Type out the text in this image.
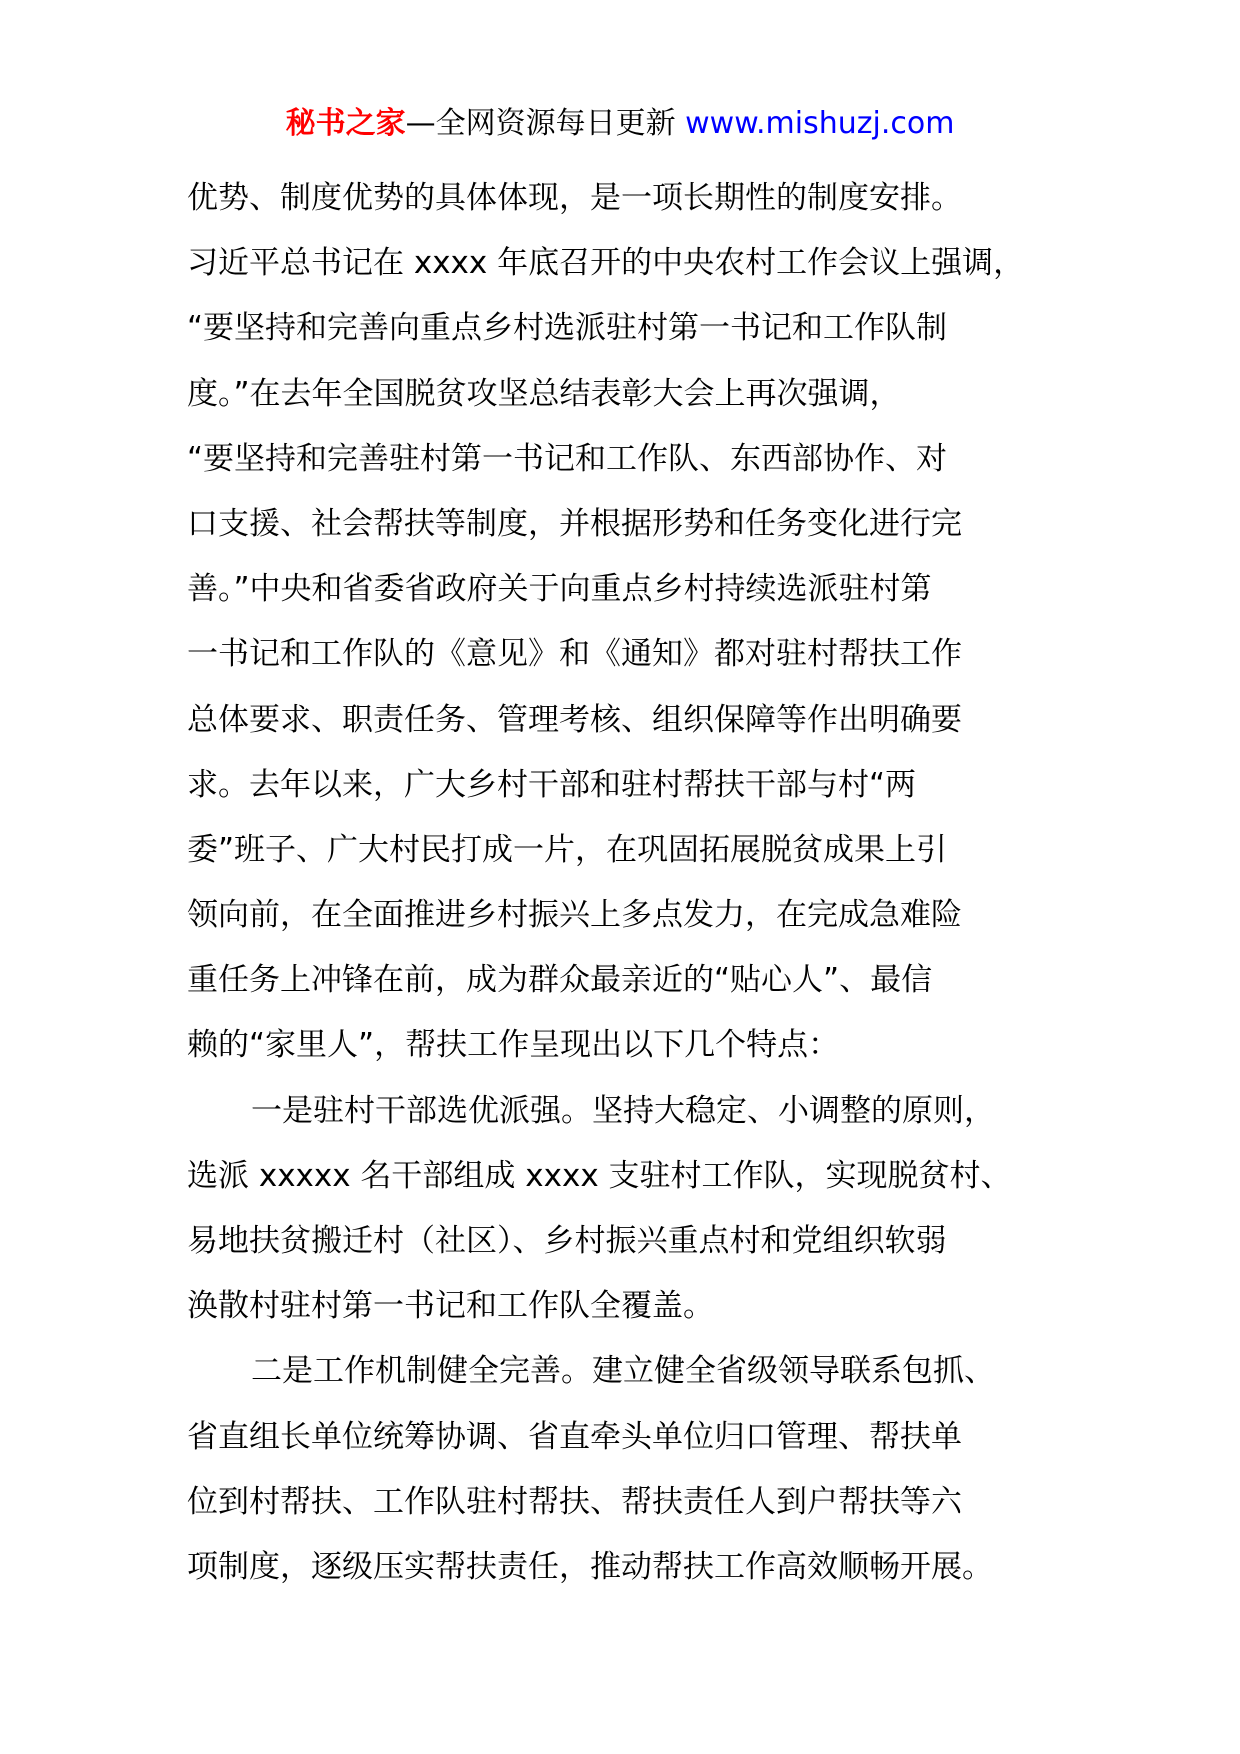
秘书之家—全网资源每日更新 www.mishuzj.com
优势、制度优势的具体体现，是一项长期性的制度安排。
习近平总书记在 xxxx 年底召开的中央农村工作会议上强调，
“要坚持和完善向重点乡村选派驻村第一书记和工作队制
度。”在去年全国脱贫攻坚总结表彰大会上再次强调，
“要坚持和完善驻村第一书记和工作队、东西部协作、对
口支援、社会帮扶等制度，并根据形势和任务变化进行完
善。”中央和省委省政府关于向重点乡村持续选派驻村第
一书记和工作队的《意见》和《通知》都对驻村帮扶工作
总体要求、职责任务、管理考核、组织保障等作出明确要
求。去年以来，广大乡村干部和驻村帮扶干部与村“两
委”班子、广大村民打成一片，在巩固拓展脱贫成果上引
领向前，在全面推进乡村振兴上多点发力，在完成急难险
重任务上冲锋在前，成为群众最亲近的“贴心人”、最信
赖的“家里人”，帮扶工作呈现出以下几个特点：
一是驻村干部选优派强。坚持大稳定、小调整的原则，
选派 xxxxx 名干部组成 xxxx 支驻村工作队，实现脱贫村、
易地扶贫搬迁村（社区）、乡村振兴重点村和党组织软弱
涣散村驻村第一书记和工作队全覆盖。
二是工作机制健全完善。建立健全省级领导联系包抓、
省直组长单位统筹协调、省直牵头单位归口管理、帮扶单
位到村帮扶、工作队驻村帮扶、帮扶责任人到户帮扶等六
项制度，逐级压实帮扶责任，推动帮扶工作高效顺畅开展。
